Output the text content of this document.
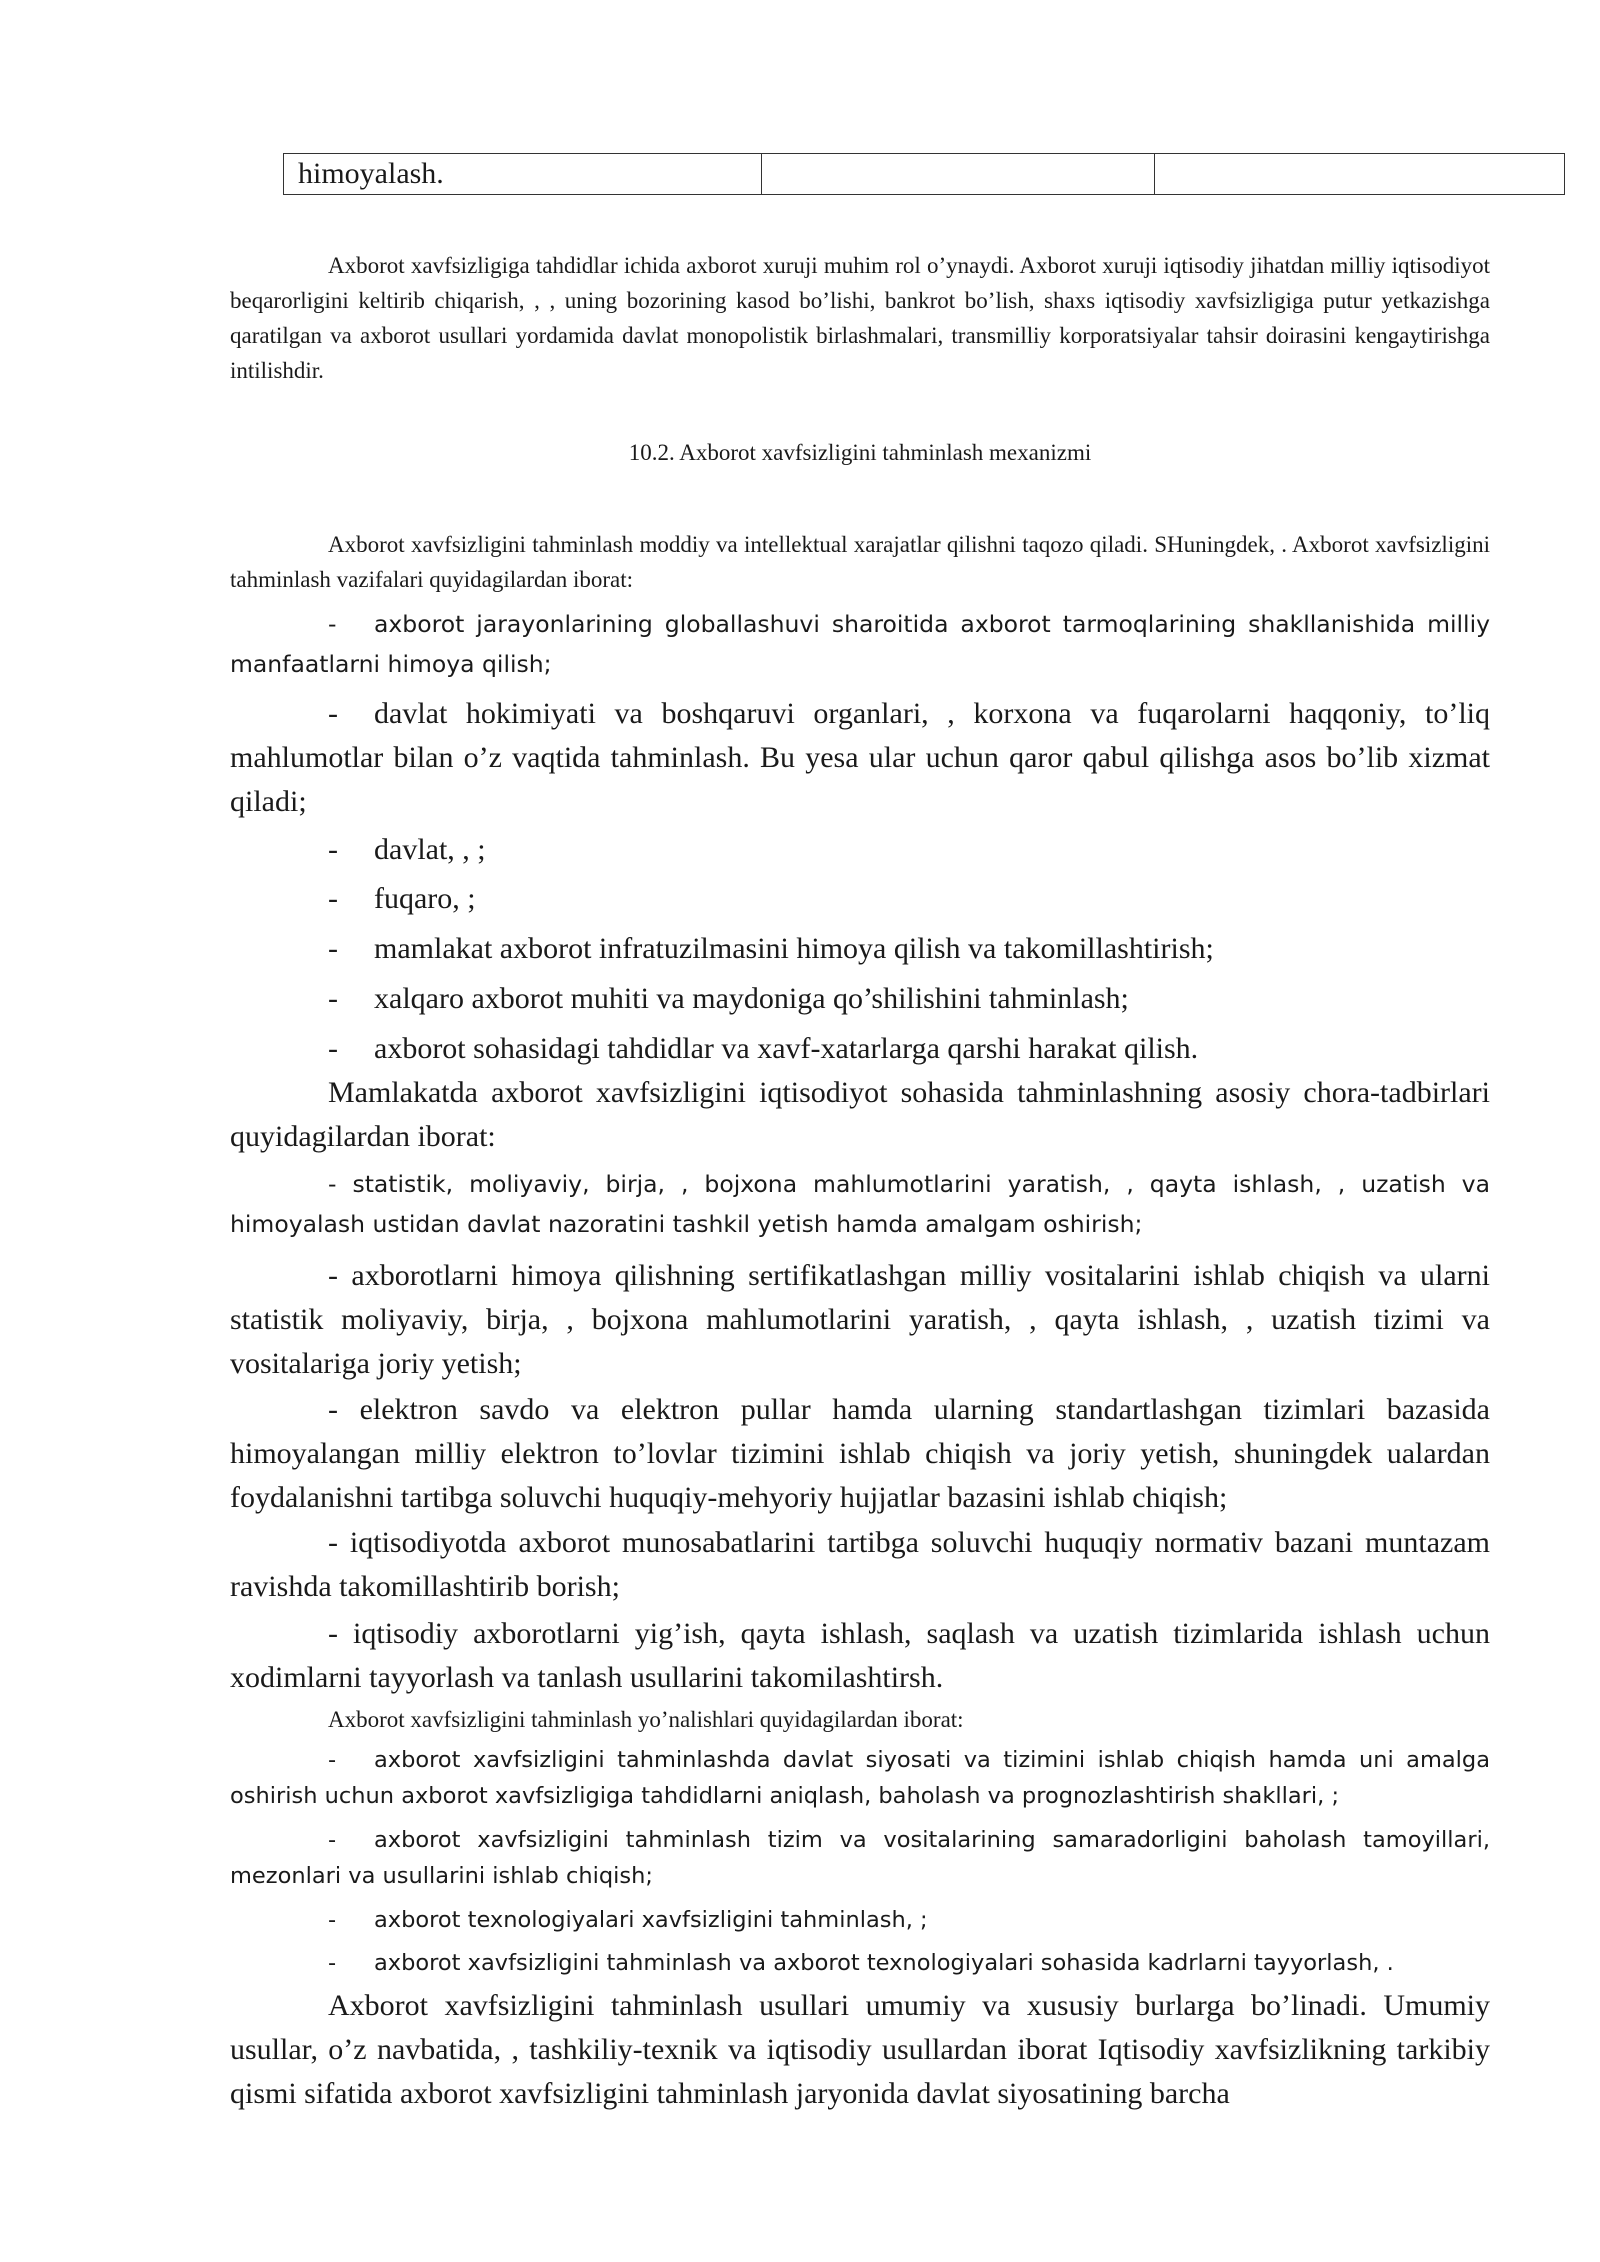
himoyalash.		
Axborot xavfsizligiga tahdidlar ichida axborot xuruji muhim rol o’ynaydi. Axborot xuruji iqtisodiy jihatdan milliy iqtisodiyot beqarorligini keltirib chiqarish, , , uning bozorining kasod bo’lishi, bankrot bo’lish, shaxs iqtisodiy xavfsizligiga putur yetkazishga qaratilgan va axborot usullari yordamida davlat monopolistik birlashmalari, transmilliy korporatsiyalar tahsir doirasini kengaytirishga intilishdir.
10.2. Axborot xavfsizligini tahminlash mexanizmi
Axborot xavfsizligini tahminlash moddiy va intellektual xarajatlar qilishni taqozo qiladi. SHuningdek, . Axborot xavfsizligini tahminlash vazifalari quyidagilardan iborat:
- axborot jarayonlarining globallashuvi sharoitida axborot tarmoqlarining shakllanishida milliy manfaatlarni himoya qilish;
- davlat hokimiyati va boshqaruvi organlari, , korxona va fuqarolarni haqqoniy, to’liq mahlumotlar bilan o’z vaqtida tahminlash. Bu yesa ular uchun qaror qabul qilishga asos bo’lib xizmat qiladi;
- davlat, , ;
- fuqaro, ;
- mamlakat axborot infratuzilmasini himoya qilish va takomillashtirish;
- xalqaro axborot muhiti va maydoniga qo’shilishini tahminlash;
- axborot sohasidagi tahdidlar va xavf-xatarlarga qarshi harakat qilish.
Mamlakatda axborot xavfsizligini iqtisodiyot sohasida tahminlashning asosiy chora-tadbirlari quyidagilardan iborat:
- statistik, moliyaviy, birja, , bojxona mahlumotlarini yaratish, , qayta ishlash, , uzatish va himoyalash ustidan davlat nazoratini tashkil yetish hamda amalgam oshirish;
- axborotlarni himoya qilishning sertifikatlashgan milliy vositalarini ishlab chiqish va ularni statistik moliyaviy, birja, , bojxona mahlumotlarini yaratish, , qayta ishlash, , uzatish tizimi va vositalariga joriy yetish;
- elektron savdo va elektron pullar hamda ularning standartlashgan tizimlari bazasida himoyalangan milliy elektron to’lovlar tizimini ishlab chiqish va joriy yetish, shuningdek ualardan foydalanishni tartibga soluvchi huquqiy-mehyoriy hujjatlar bazasini ishlab chiqish;
- iqtisodiyotda axborot munosabatlarini tartibga soluvchi huquqiy normativ bazani muntazam ravishda takomillashtirib borish;
- iqtisodiy axborotlarni yig’ish, qayta ishlash, saqlash va uzatish tizimlarida ishlash uchun xodimlarni tayyorlash va tanlash usullarini takomilashtirsh.
Axborot xavfsizligini tahminlash yo’nalishlari quyidagilardan iborat:
- axborot xavfsizligini tahminlashda davlat siyosati va tizimini ishlab chiqish hamda uni amalga oshirish uchun axborot xavfsizligiga tahdidlarni aniqlash, baholash va prognozlashtirish shakllari, ;
- axborot xavfsizligini tahminlash tizim va vositalarining samaradorligini baholash tamoyillari, mezonlari va usullarini ishlab chiqish;
- axborot texnologiyalari xavfsizligini tahminlash, ;
- axborot xavfsizligini tahminlash va axborot texnologiyalari sohasida kadrlarni tayyorlash, .
Axborot xavfsizligini tahminlash usullari umumiy va xususiy burlarga bo’linadi. Umumiy usullar, o’z navbatida, , tashkiliy-texnik va iqtisodiy usullardan iborat Iqtisodiy xavfsizlikning tarkibiy qismi sifatida axborot xavfsizligini tahminlash jaryonida davlat siyosatining barcha
